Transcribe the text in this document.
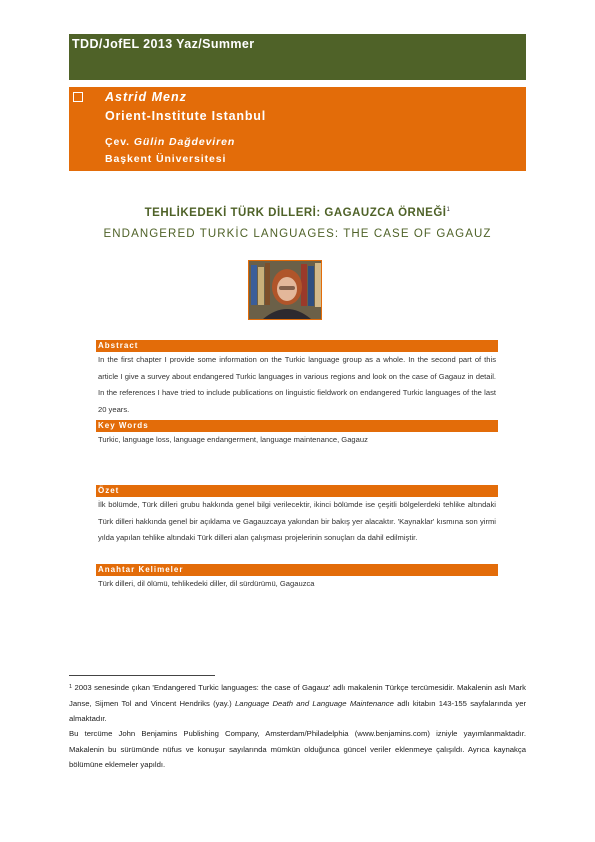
TDD/JofEL 2013 Yaz/Summer
Astrid Menz
Orient-Institute Istanbul
Çev. Gülin Dağdeviren
Başkent Üniversitesi
TEHLİKEDEKİ TÜRK DİLLERİ: GAGAUZCA ÖRNEĞİ$^1$
ENDANGERED TURKİC LANGUAGES: THE CASE OF GAGAUZ
Abstract
In the first chapter I provide some information on the Turkic language group as a whole. In the second part of this article I give a survey about endangered Turkic languages in various regions and look on the case of Gagauz in detail. In the references I have tried to include publications on linguistic fieldwork on endangered Turkic languages of the last 20 years.
Key Words
Turkic, language loss, language endangerment, language maintenance, Gagauz
Özet
İlk bölümde, Türk dilleri grubu hakkında genel bilgi verilecektir, ikinci bölümde ise çeşitli bölgelerdeki tehlike altındaki Türk dilleri hakkında genel bir açıklama ve Gagauzcaya yakından bir bakış yer alacaktır. 'Kaynaklar' kısmına son yirmi yılda yapılan tehlike altındaki Türk dilleri alan çalışması projelerinin sonuçları da dahil edilmiştir.
Anahtar Kelimeler
Türk dilleri, dil ölümü, tehlikedeki diller, dil sürdürümü, Gagauzca
$^1$ 2003 senesinde çıkan 'Endangered Turkic languages: the case of Gagauz' adlı makalenin Türkçe tercümesidir. Makalenin aslı Mark Janse, Sijmen Tol and Vincent Hendriks (yay.) Language Death and Language Maintenance adlı kitabın 143-155 sayfalarında yer almaktadır.
Bu tercüme John Benjamins Publishing Company, Amsterdam/Philadelphia (www.benjamins.com) izniyle yayımlanmaktadır. Makalenin bu sürümünde nüfus ve konuşur sayılarında mümkün olduğunca güncel veriler eklenmeye çalışıldı. Ayrıca kaynakça bölümüne eklemeler yapıldı.
